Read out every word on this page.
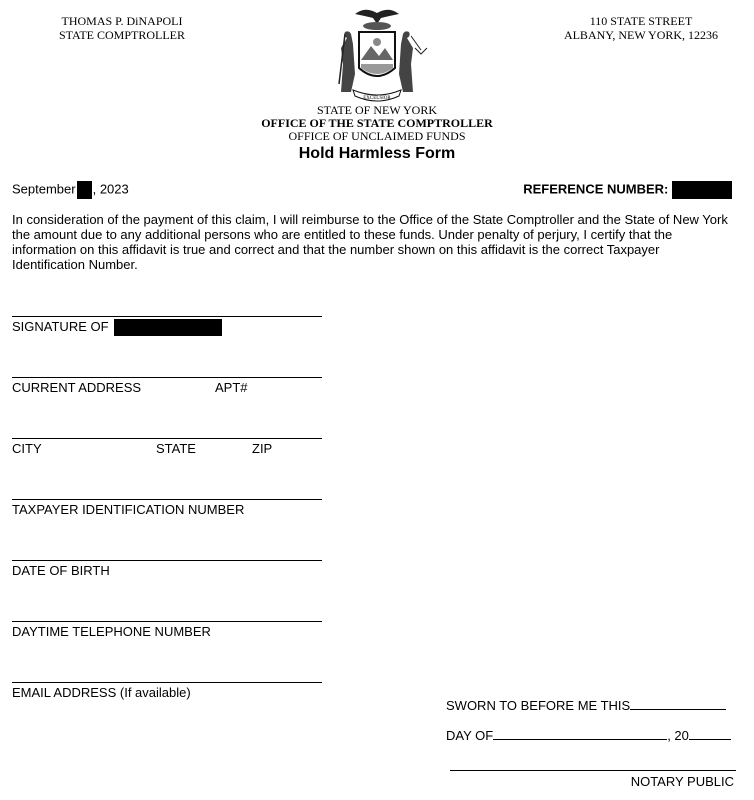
THOMAS P. DiNAPOLI
STATE COMPTROLLER
110 STATE STREET
ALBANY, NEW YORK, 12236
EXCELSIOR
STATE OF NEW YORK
OFFICE OF THE STATE COMPTROLLER
OFFICE OF UNCLAIMED FUNDS
Hold Harmless Form
September , 2023	REFERENCE NUMBER:
In consideration of the payment of this claim, I will reimburse to the Office of the State Comptroller and the State of New York the amount due to any additional persons who are entitled to these funds. Under penalty of perjury, I certify that the information on this affidavit is true and correct and that the number shown on this affidavit is the correct Taxpayer Identification Number.
SIGNATURE OF
CURRENT ADDRESS	APT#
CITY	STATE	ZIP
TAXPAYER IDENTIFICATION NUMBER
DATE OF BIRTH
DAYTIME TELEPHONE NUMBER
EMAIL ADDRESS (If available)
SWORN TO BEFORE ME THIS
DAY OF	, 20
NOTARY PUBLIC
